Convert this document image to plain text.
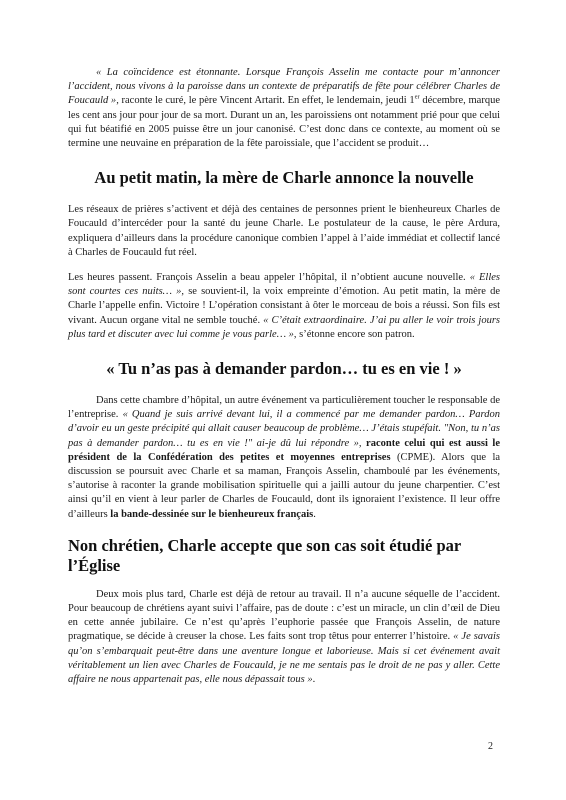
« La coïncidence est étonnante. Lorsque François Asselin me contacte pour m’annoncer l’accident, nous vivons à la paroisse dans un contexte de préparatifs de fête pour célébrer Charles de Foucauld », raconte le curé, le père Vincent Artarit. En effet, le lendemain, jeudi 1er décembre, marque les cent ans jour pour jour de sa mort. Durant un an, les paroissiens ont notamment prié pour que celui qui fut béatifié en 2005 puisse être un jour canonisé. C’est donc dans ce contexte, au moment où se termine une neuvaine en préparation de la fête paroissiale, que l’accident se produit…

Au petit matin, la mère de Charle annonce la nouvelle

Les réseaux de prières s’activent et déjà des centaines de personnes prient le bienheureux Charles de Foucauld d’intercéder pour la santé du jeune Charle. Le postulateur de la cause, le père Ardura, expliquera d’ailleurs dans la procédure canonique combien l’appel à l’aide immédiat et collectif lancé à Charles de Foucauld fut réel.

Les heures passent. François Asselin a beau appeler l’hôpital, il n’obtient aucune nouvelle. « Elles sont courtes ces nuits… », se souvient-il, la voix empreinte d’émotion. Au petit matin, la mère de Charle l’appelle enfin. Victoire ! L’opération consistant à ôter le morceau de bois a réussi. Son fils est vivant. Aucun organe vital ne semble touché. « C’était extraordinaire. J’ai pu aller le voir trois jours plus tard et discuter avec lui comme je vous parle… », s’étonne encore son patron.

« Tu n’as pas à demander pardon… tu es en vie ! »

Dans cette chambre d’hôpital, un autre événement va particulièrement toucher le responsable de l’entreprise. « Quand je suis arrivé devant lui, il a commencé par me demander pardon… Pardon d’avoir eu un geste précipité qui allait causer beaucoup de problème… J’étais stupéfait. "Non, tu n’as pas à demander pardon… tu es en vie !" ai-je dû lui répondre », raconte celui qui est aussi le président de la Confédération des petites et moyennes entreprises (CPME). Alors que la discussion se poursuit avec Charle et sa maman, François Asselin, chamboulé par les événements, s’autorise à raconter la grande mobilisation spirituelle qui a jailli autour du jeune charpentier. C’est ainsi qu’il en vient à leur parler de Charles de Foucauld, dont ils ignoraient l’existence. Il leur offre d’ailleurs la bande-dessinée sur le bienheureux français.

Non chrétien, Charle accepte que son cas soit étudié par l’Église

Deux mois plus tard, Charle est déjà de retour au travail. Il n’a aucune séquelle de l’accident. Pour beaucoup de chrétiens ayant suivi l’affaire, pas de doute : c’est un miracle, un clin d’œil de Dieu en cette année jubilaire. Ce n’est qu’après l’euphorie passée que François Asselin, de nature pragmatique, se décide à creuser la chose. Les faits sont trop têtus pour enterrer l’histoire. « Je savais qu’on s’embarquait peut-être dans une aventure longue et laborieuse. Mais si cet événement avait véritablement un lien avec Charles de Foucauld, je ne me sentais pas le droit de ne pas y aller. Cette affaire ne nous appartenait pas, elle nous dépassait tous ».

2
